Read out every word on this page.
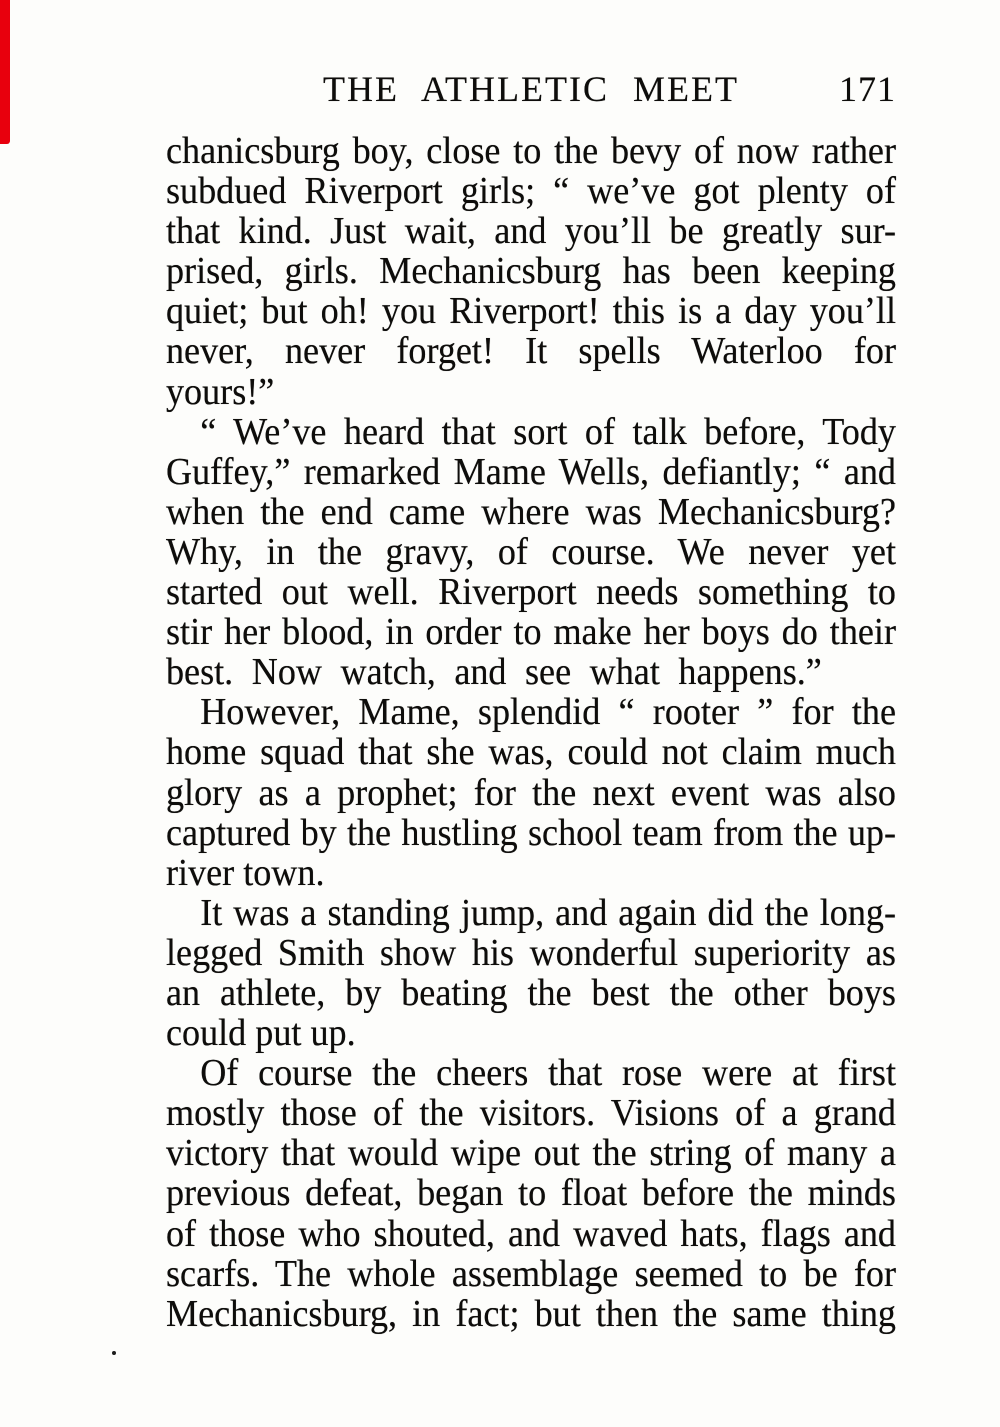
THE ATHLETIC MEET	171
chanicsburg boy, close to the bevy of now rather
subdued Riverport girls; “ we’ve got plenty of
that kind. Just wait, and you’ll be greatly sur-
prised, girls. Mechanicsburg has been keeping
quiet; but oh! you Riverport! this is a day you’ll
never, never forget! It spells Waterloo for
yours!”
“ We’ve heard that sort of talk before, Tody
Guffey,” remarked Mame Wells, defiantly; “ and
when the end came where was Mechanicsburg?
Why, in the gravy, of course. We never yet
started out well. Riverport needs something to
stir her blood, in order to make her boys do their
best. Now watch, and see what happens.”
However, Mame, splendid “ rooter ” for the
home squad that she was, could not claim much
glory as a prophet; for the next event was also
captured by the hustling school team from the up-
river town.
It was a standing jump, and again did the long-
legged Smith show his wonderful superiority as
an athlete, by beating the best the other boys
could put up.
Of course the cheers that rose were at first
mostly those of the visitors. Visions of a grand
victory that would wipe out the string of many a
previous defeat, began to float before the minds
of those who shouted, and waved hats, flags and
scarfs. The whole assemblage seemed to be for
Mechanicsburg, in fact; but then the same thing
